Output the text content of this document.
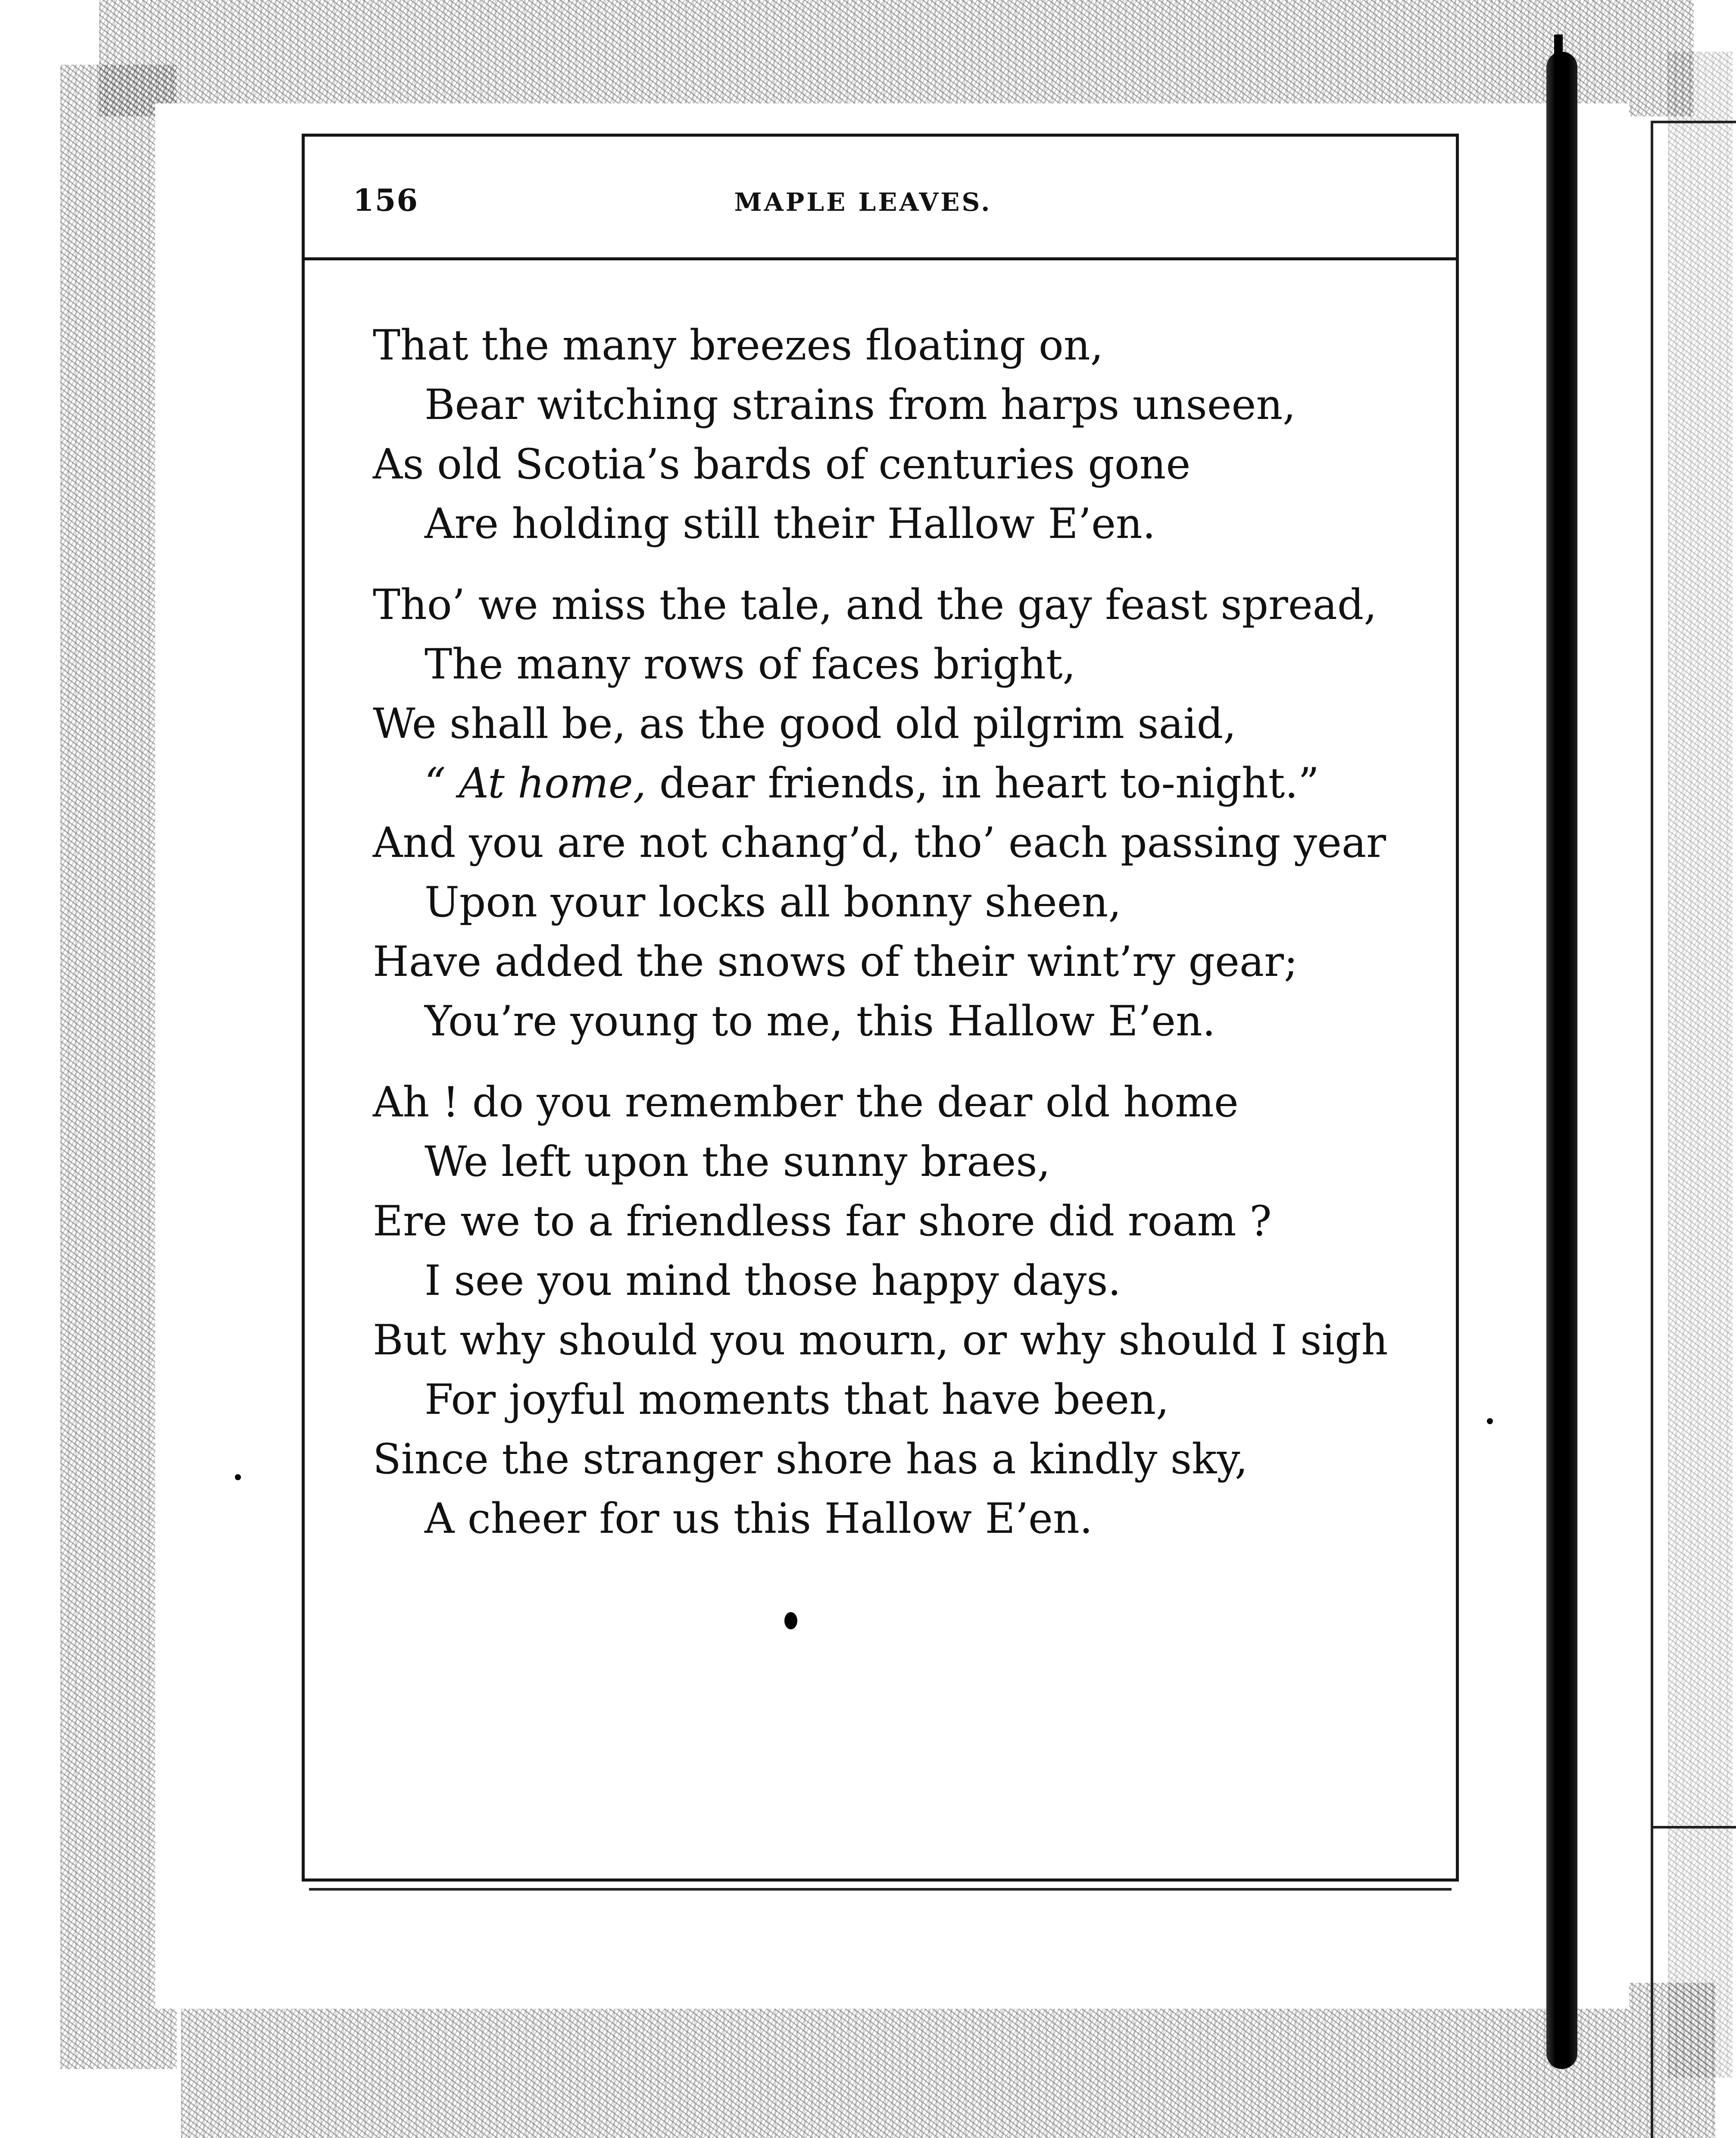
156	MAPLE LEAVES.
That the many breezes floating on,
Bear witching strains from harps unseen,
As old Scotia’s bards of centuries gone
Are holding still their Hallow E’en.
Tho’ we miss the tale, and the gay feast spread,
The many rows of faces bright,
We shall be, as the good old pilgrim said,
“ At home, dear friends, in heart to-night.”
And you are not chang’d, tho’ each passing year
Upon your locks all bonny sheen,
Have added the snows of their wint’ry gear;
You’re young to me, this Hallow E’en.
Ah ! do you remember the dear old home
We left upon the sunny braes,
Ere we to a friendless far shore did roam ?
I see you mind those happy days.
But why should you mourn, or why should I sigh
For joyful moments that have been,
Since the stranger shore has a kindly sky,
A cheer for us this Hallow E’en.
